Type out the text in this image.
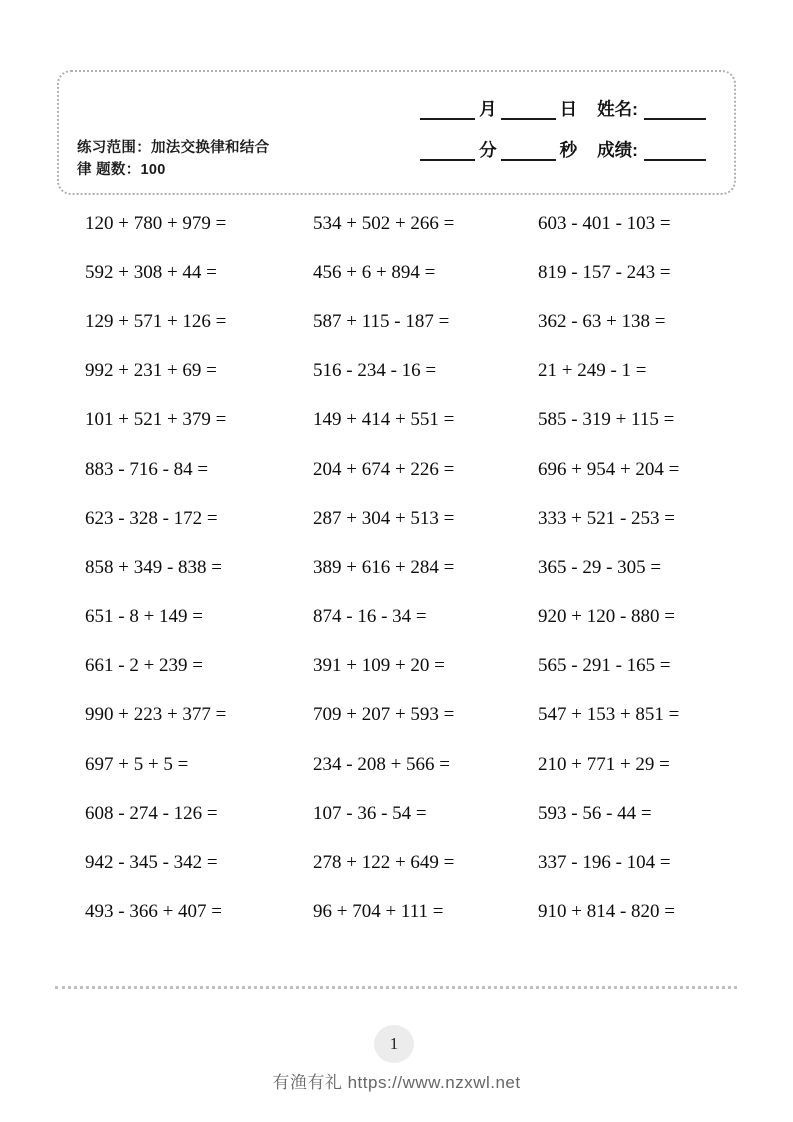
练习范围：加法交换律和结合
律 题数：100
月	日 姓名:
分	秒 成绩:
120 + 780 + 979 =	534 + 502 + 266 =	603 - 401 - 103 =
592 + 308 + 44 =	456 + 6 + 894 =	819 - 157 - 243 =
129 + 571 + 126 =	587 + 115 - 187 =	362 - 63 + 138 =
992 + 231 + 69 =	516 - 234 - 16 =	21 + 249 - 1 =
101 + 521 + 379 =	149 + 414 + 551 =	585 - 319 + 115 =
883 - 716 - 84 =	204 + 674 + 226 =	696 + 954 + 204 =
623 - 328 - 172 =	287 + 304 + 513 =	333 + 521 - 253 =
858 + 349 - 838 =	389 + 616 + 284 =	365 - 29 - 305 =
651 - 8 + 149 =	874 - 16 - 34 =	920 + 120 - 880 =
661 - 2 + 239 =	391 + 109 + 20 =	565 - 291 - 165 =
990 + 223 + 377 =	709 + 207 + 593 =	547 + 153 + 851 =
697 + 5 + 5 =	234 - 208 + 566 =	210 + 771 + 29 =
608 - 274 - 126 =	107 - 36 - 54 =	593 - 56 - 44 =
942 - 345 - 342 =	278 + 122 + 649 =	337 - 196 - 104 =
493 - 366 + 407 =	96 + 704 + 111 =	910 + 814 - 820 =
1
有渔有礼 https://www.nzxwl.net
